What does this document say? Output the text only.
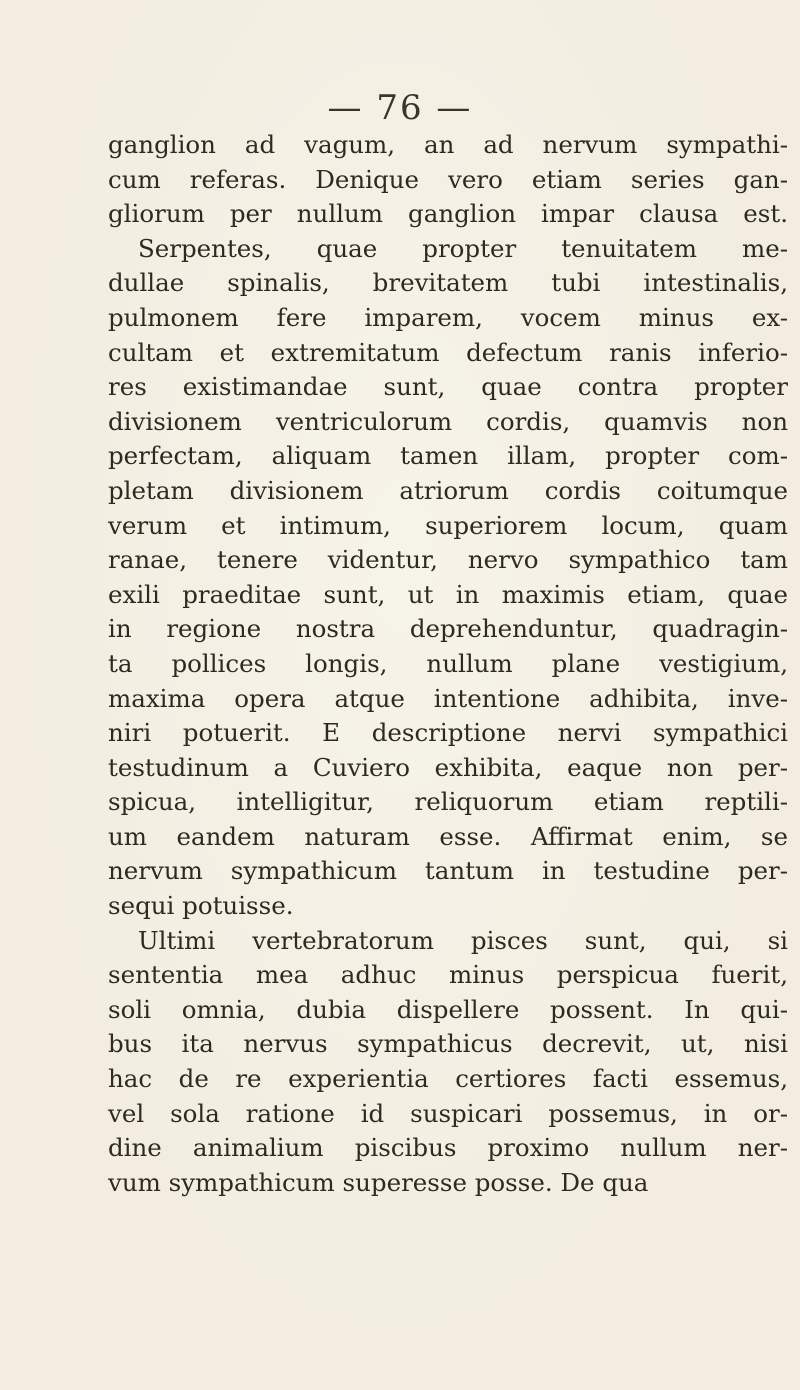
— 76 —
ganglion ad vagum, an ad nervum sympathi-
cum referas. Denique vero etiam series gan-
gliorum per nullum ganglion impar clausa est.
Serpentes, quae propter tenuitatem me-
dullae spinalis, brevitatem tubi intestinalis,
pulmonem fere imparem, vocem minus ex-
cultam et extremitatum defectum ranis inferio-
res existimandae sunt, quae contra propter
divisionem ventriculorum cordis, quamvis non
perfectam, aliquam tamen illam, propter com-
pletam divisionem atriorum cordis coitumque
verum et intimum, superiorem locum, quam
ranae, tenere videntur, nervo sympathico tam
exili praeditae sunt, ut in maximis etiam, quae
in regione nostra deprehenduntur, quadragin-
ta pollices longis, nullum plane vestigium,
maxima opera atque intentione adhibita, inve-
niri potuerit. E descriptione nervi sympathici
testudinum a Cuviero exhibita, eaque non per-
spicua, intelligitur, reliquorum etiam reptili-
um eandem naturam esse. Affirmat enim, se
nervum sympathicum tantum in testudine per-
sequi potuisse.
Ultimi vertebratorum pisces sunt, qui, si
sententia mea adhuc minus perspicua fuerit,
soli omnia, dubia dispellere possent. In qui-
bus ita nervus sympathicus decrevit, ut, nisi
hac de re experientia certiores facti essemus,
vel sola ratione id suspicari possemus, in or-
dine animalium piscibus proximo nullum ner-
vum sympathicum superesse posse. De qua
